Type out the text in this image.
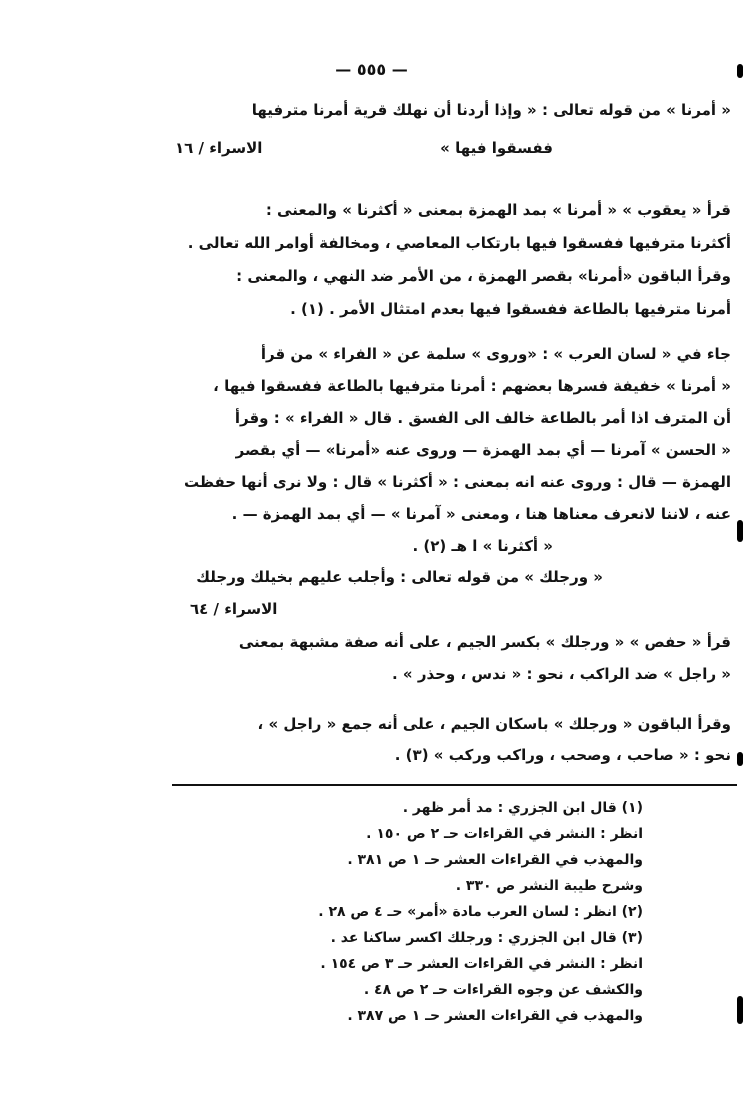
— ٥٥٥ —
« أمرنا » من قوله تعالى : « وإذا أردنا أن نهلك قرية أمرنا مترفيها
ففسقوا فيها »
الاسراء / ١٦
قرأ « يعقوب » « أمرنا » بمد الهمزة بمعنى « أكثرنا » والمعنى :
أكثرنا مترفيها ففسقوا فيها بارتكاب المعاصي ، ومخالفة أوامر الله تعالى .
وقرأ الباقون «أمرنا» بقصر الهمزة ، من الأمر ضد النهي ، والمعنى :
أمرنا مترفيها بالطاعة ففسقوا فيها بعدم امتثال الأمر . (١) .
جاء في « لسان العرب » : «وروى » سلمة عن « الفراء » من قرأ
« أمرنا » خفيفة فسرها بعضهم : أمرنا مترفيها بالطاعة ففسقوا فيها ،
أن المترف اذا أمر بالطاعة خالف الى الفسق . قال « الفراء » : وقرأ
« الحسن » آمرنا — أي بمد الهمزة — وروى عنه «أمرنا» — أي بقصر
الهمزة — قال : وروى عنه انه بمعنى : « أكثرنا » قال : ولا نرى أنها حفظت
عنه ، لاننا لانعرف معناها هنا ، ومعنى « آمرنا » — أي بمد الهمزة — .
« أكثرنا » ا هـ (٢) .
« ورجلك » من قوله تعالى : وأجلب عليهم بخيلك ورجلك
الاسراء / ٦٤
قرأ « حفص » « ورجلك » بكسر الجيم ، على أنه صفة مشبهة بمعنى
« راجل » ضد الراكب ، نحو : « ندس ، وحذر » .
وقرأ الباقون « ورجلك » باسكان الجيم ، على أنه جمع « راجل » ،
نحو : « صاحب ، وصحب ، وراكب وركب » (٣) .
(١) قال ابن الجزري : مد أمر ظهر .
انظر : النشر في القراءات حـ ٢ ص ١٥٠ .
والمهذب في القراءات العشر حـ ١ ص ٣٨١ .
وشرح طيبة النشر ص ٣٣٠ .
(٢) انظر : لسان العرب مادة «أمر» حـ ٤ ص ٢٨ .
(٣) قال ابن الجزري : ورجلك اكسر ساكنا عد .
انظر : النشر في القراءات العشر حـ ٣ ص ١٥٤ .
والكشف عن وجوه القراءات حـ ٢ ص ٤٨ .
والمهذب في القراءات العشر حـ ١ ص ٣٨٧ .
